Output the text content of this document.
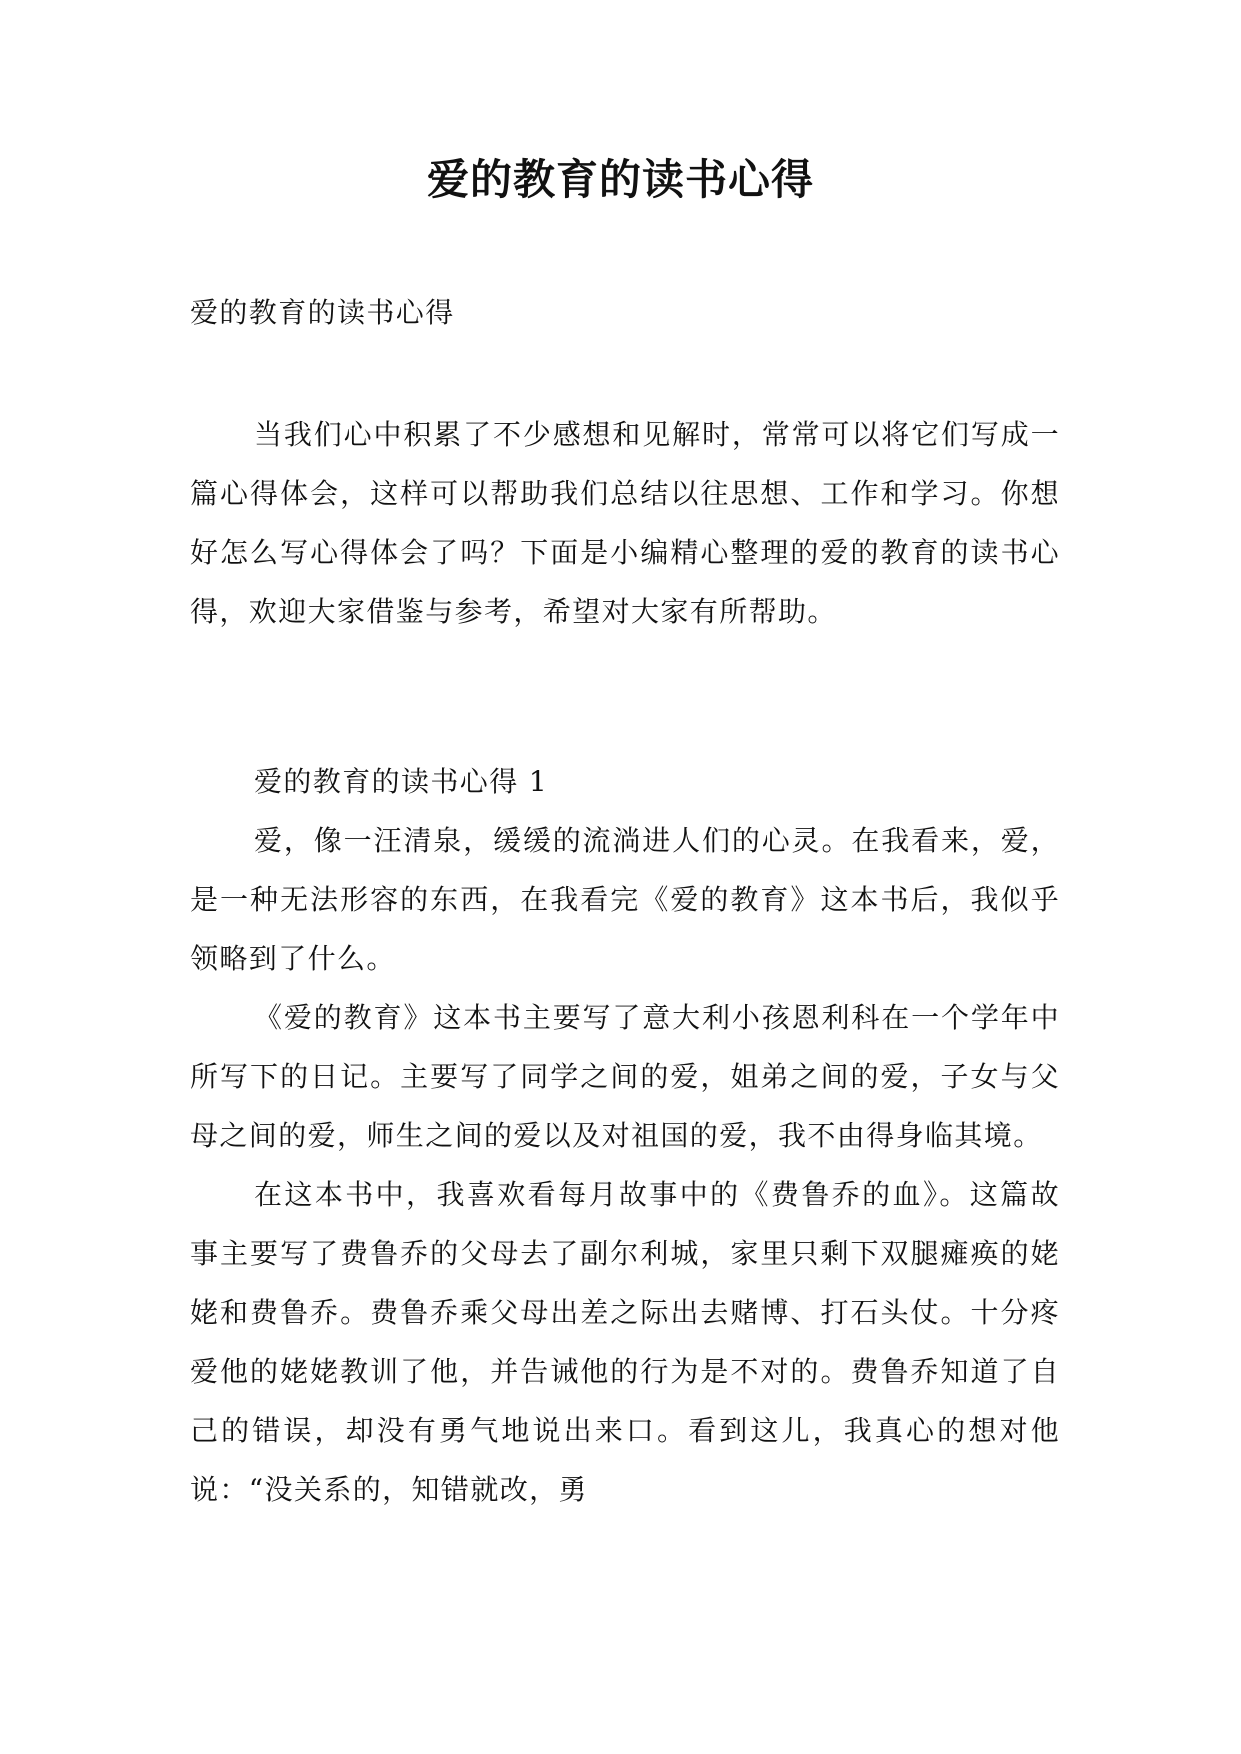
爱的教育的读书心得

爱的教育的读书心得

当我们心中积累了不少感想和见解时，常常可以将它们写成一篇心得体会，这样可以帮助我们总结以往思想、工作和学习。你想好怎么写心得体会了吗？下面是小编精心整理的爱的教育的读书心得，欢迎大家借鉴与参考，希望对大家有所帮助。

爱的教育的读书心得 1

爱，像一汪清泉，缓缓的流淌进人们的心灵。在我看来，爱，是一种无法形容的东西，在我看完《爱的教育》这本书后，我似乎领略到了什么。

《爱的教育》这本书主要写了意大利小孩恩利科在一个学年中所写下的日记。主要写了同学之间的爱，姐弟之间的爱，子女与父母之间的爱，师生之间的爱以及对祖国的爱，我不由得身临其境。

在这本书中，我喜欢看每月故事中的《费鲁乔的血》。这篇故事主要写了费鲁乔的父母去了副尔利城，家里只剩下双腿瘫痪的姥姥和费鲁乔。费鲁乔乘父母出差之际出去赌博、打石头仗。十分疼爱他的姥姥教训了他，并告诫他的行为是不对的。费鲁乔知道了自己的错误，却没有勇气地说出来口。看到这儿，我真心的想对他说：“没关系的，知错就改，勇
